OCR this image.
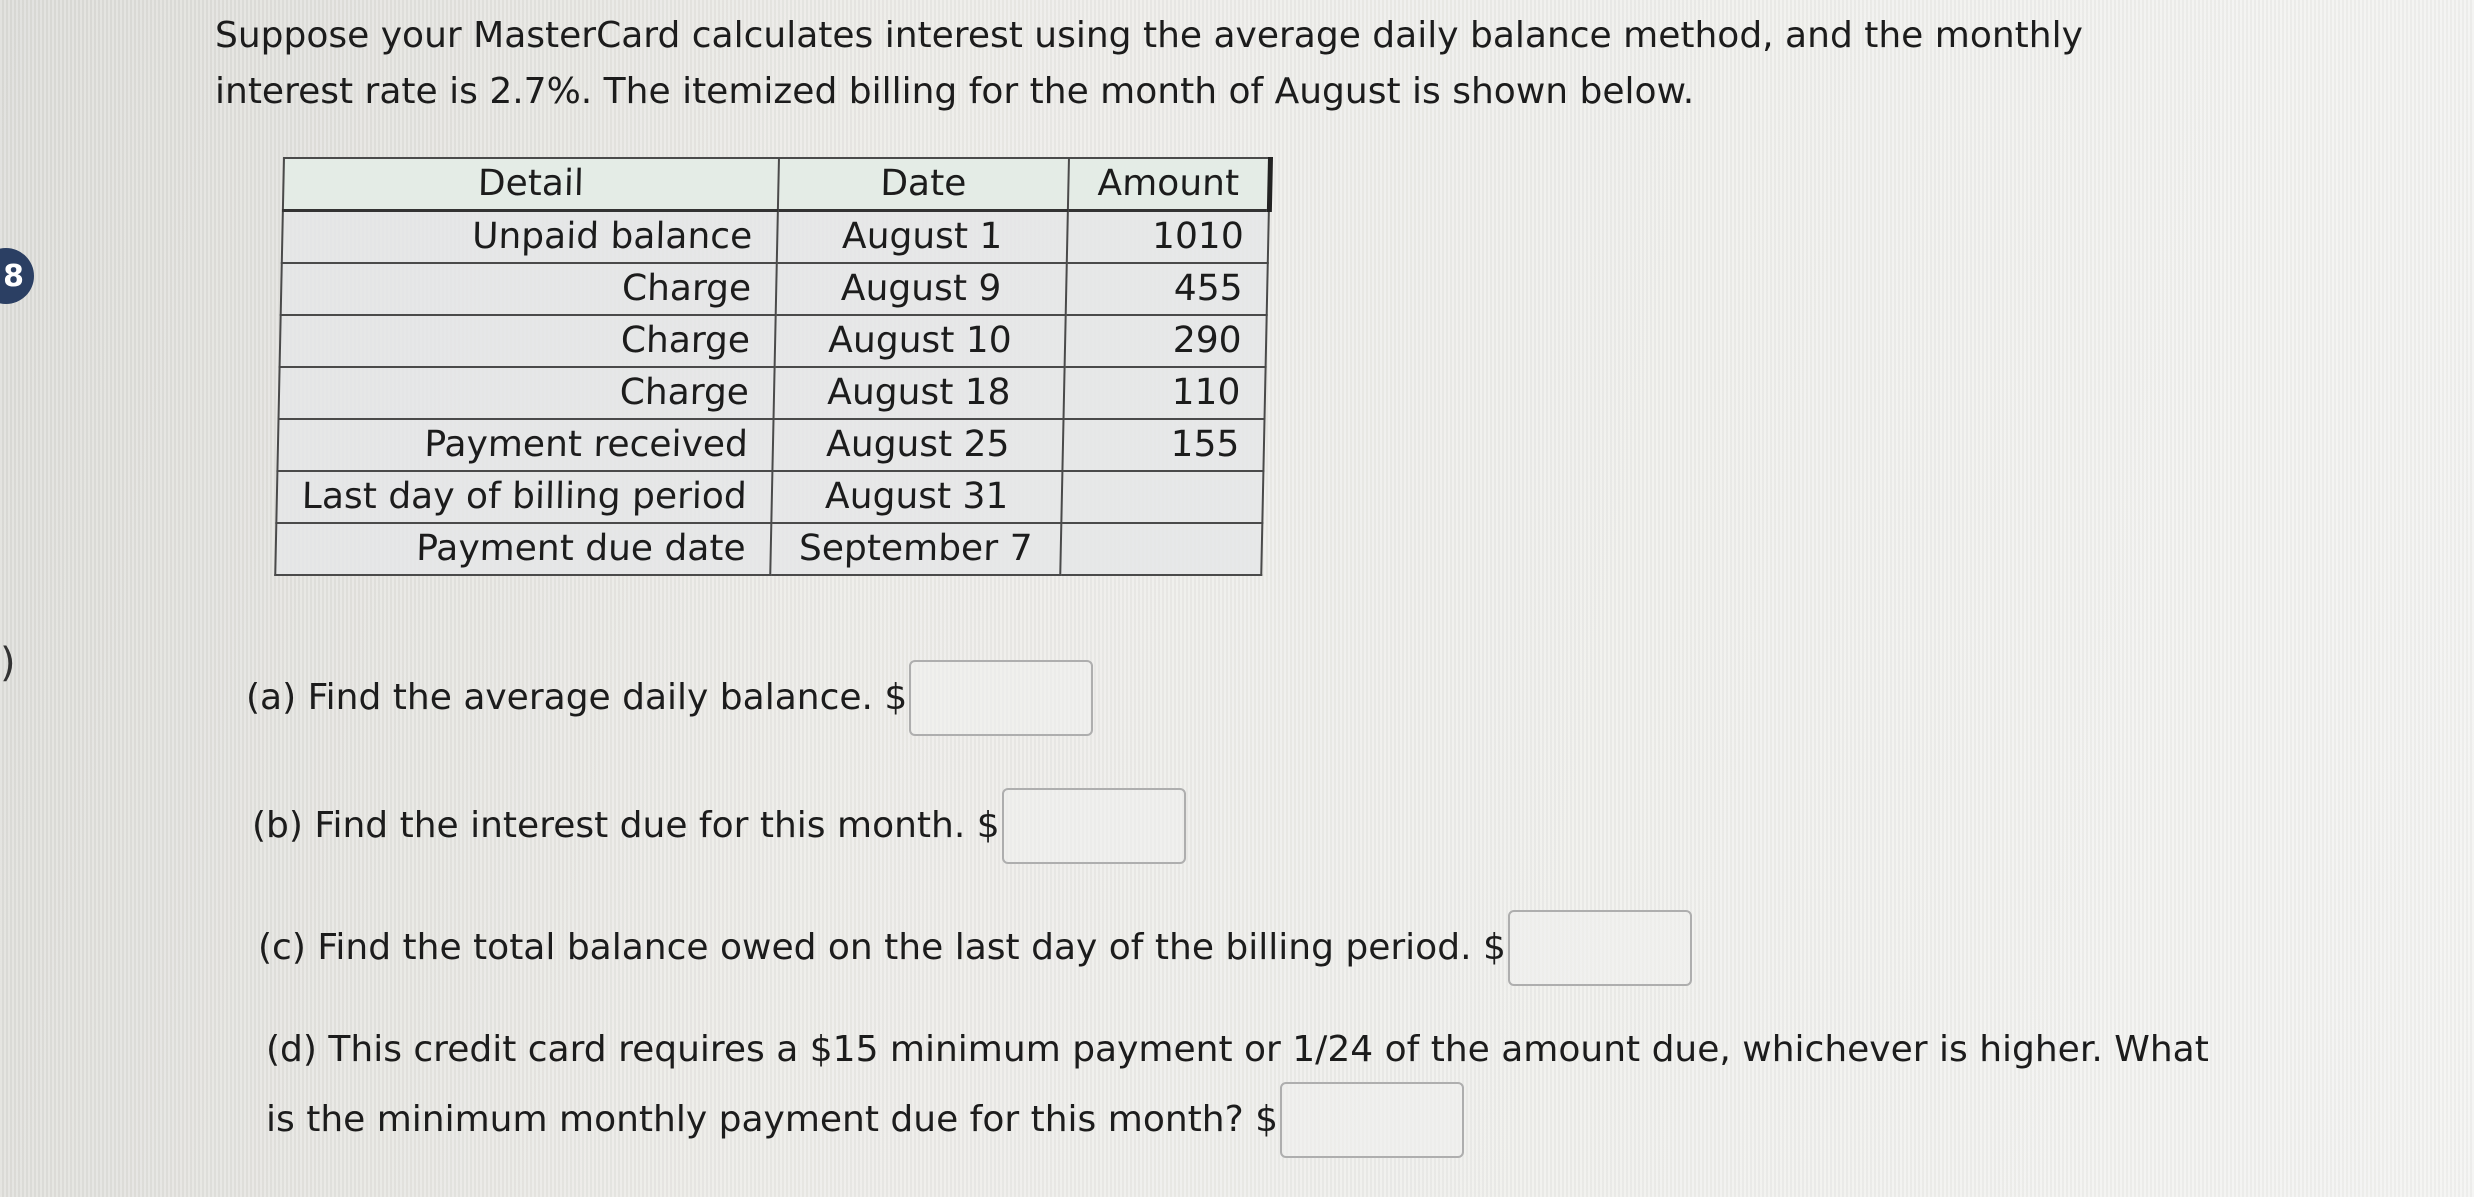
8
)

Suppose your MasterCard calculates interest using the average daily balance method, and the monthly
interest rate is 2.7%. The itemized billing for the month of August is shown below.

Detail	Date	Amount
Unpaid balance	August 1	1010
Charge	August 9	455
Charge	August 10	290
Charge	August 18	110
Payment received	August 25	155
Last day of billing period	August 31	
Payment due date	September 7	
(a) Find the average daily balance. $
(b) Find the interest due for this month. $
(c) Find the total balance owed on the last day of the billing period. $
(d) This credit card requires a $15 minimum payment or 1/24 of the amount due, whichever is higher. What
is the minimum monthly payment due for this month? $
